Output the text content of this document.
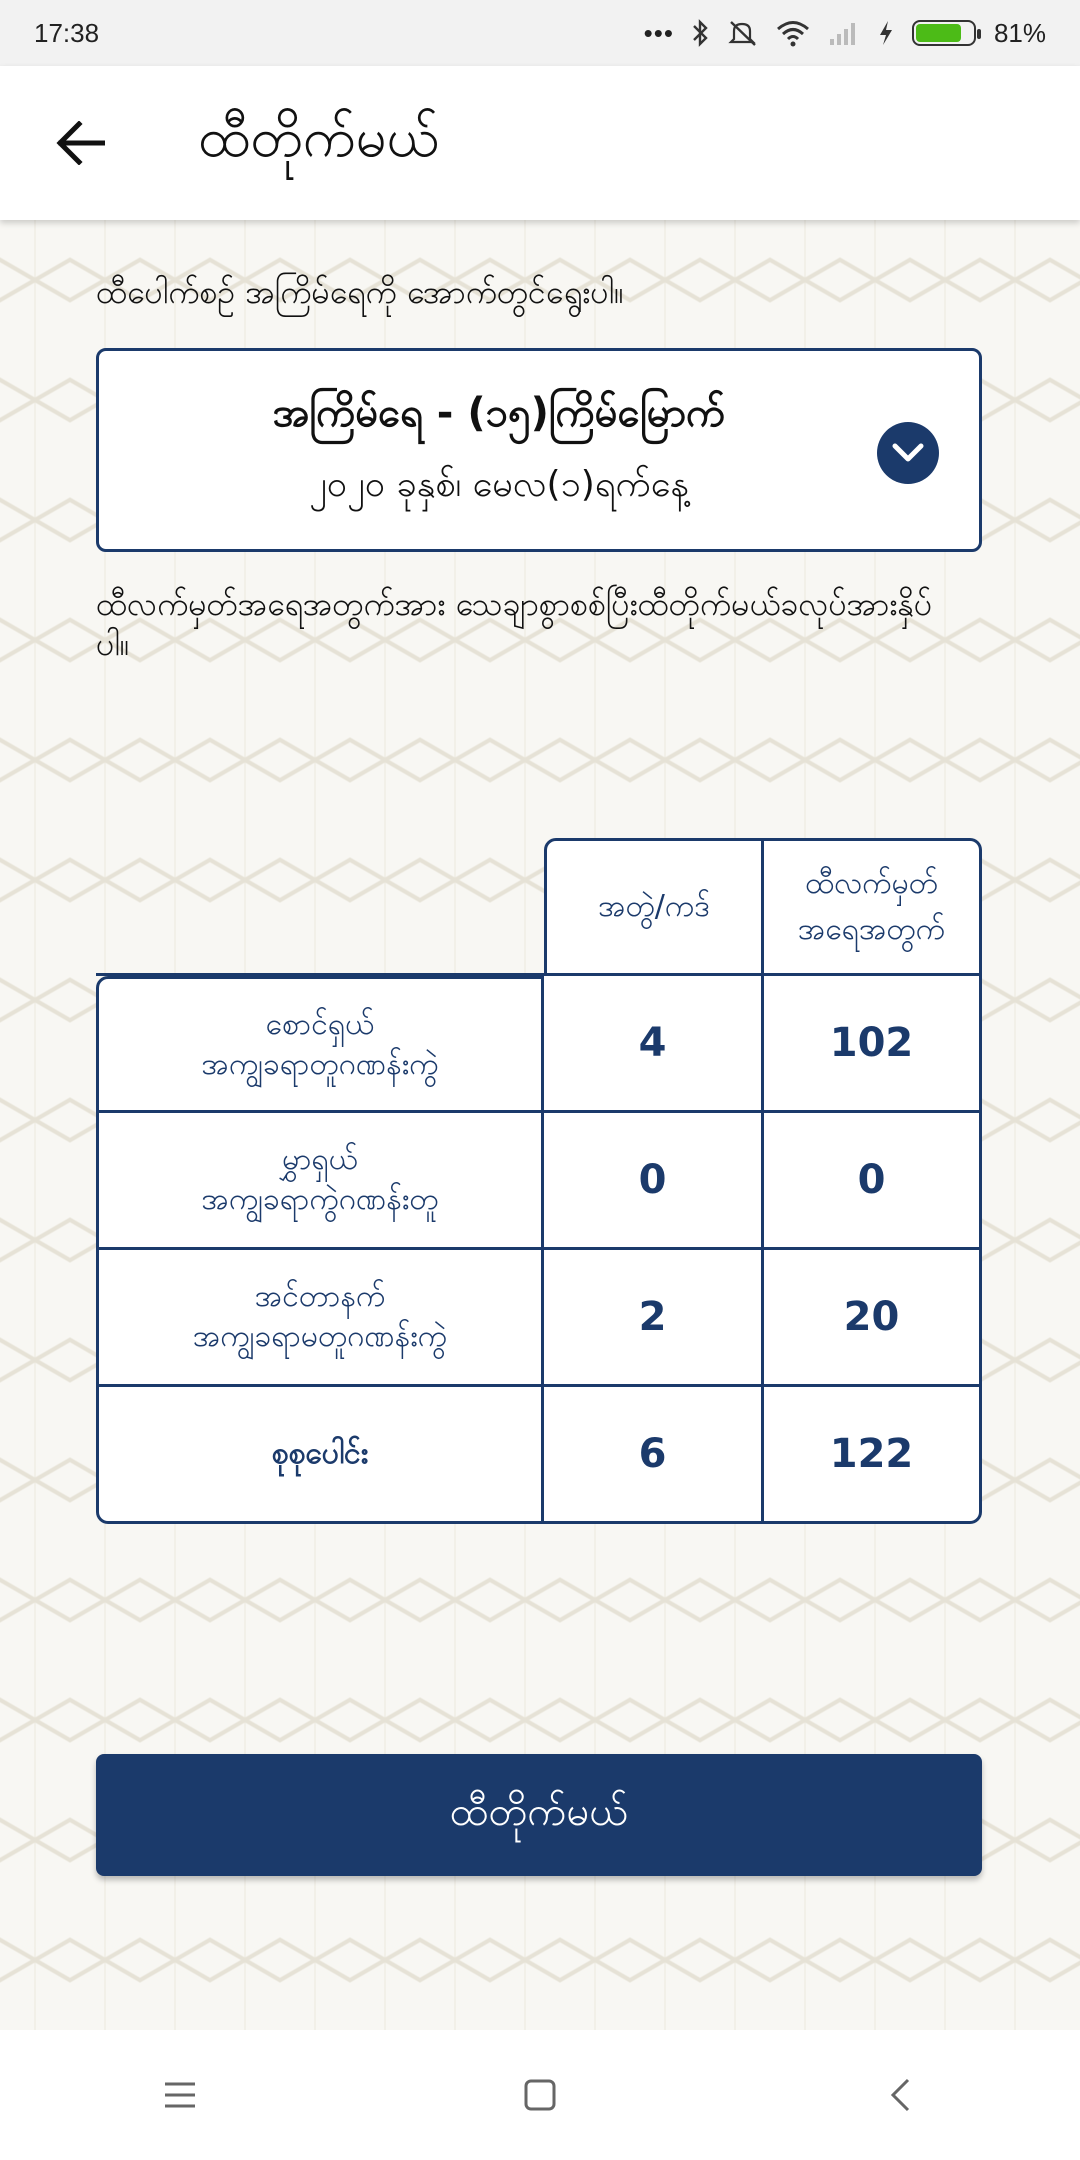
17:38	•••	81%
ထီတိုက်မယ်
ထီပေါက်စဉ် အကြိမ်ရေကို အောက်တွင်ရွေးပါ။
အကြိမ်ရေ - (၁၅)ကြိမ်မြောက်
၂၀၂၀ ခုနှစ်၊ မေလ(၁)ရက်နေ့
ထီလက်မှတ်အရေအတွက်အား သေချာစွာစစ်ပြီးထီတိုက်မယ်ခလုပ်အားနှိပ်ပါ။
	အတွဲ/ကဒ်	ထီလက်မှတ် အရေအတွက်

စောင်ရှယ်
အကျွခရာတူဂဏန်းကွဲ	4	102

မွှာရှယ်
အကျွခရာကွဲဂဏန်းတူ	0	0

အင်တာနက်
အကျွခရာမတူဂဏန်းကွဲ	2	20
စုစုပေါင်း	6	122
ထီတိုက်မယ်
